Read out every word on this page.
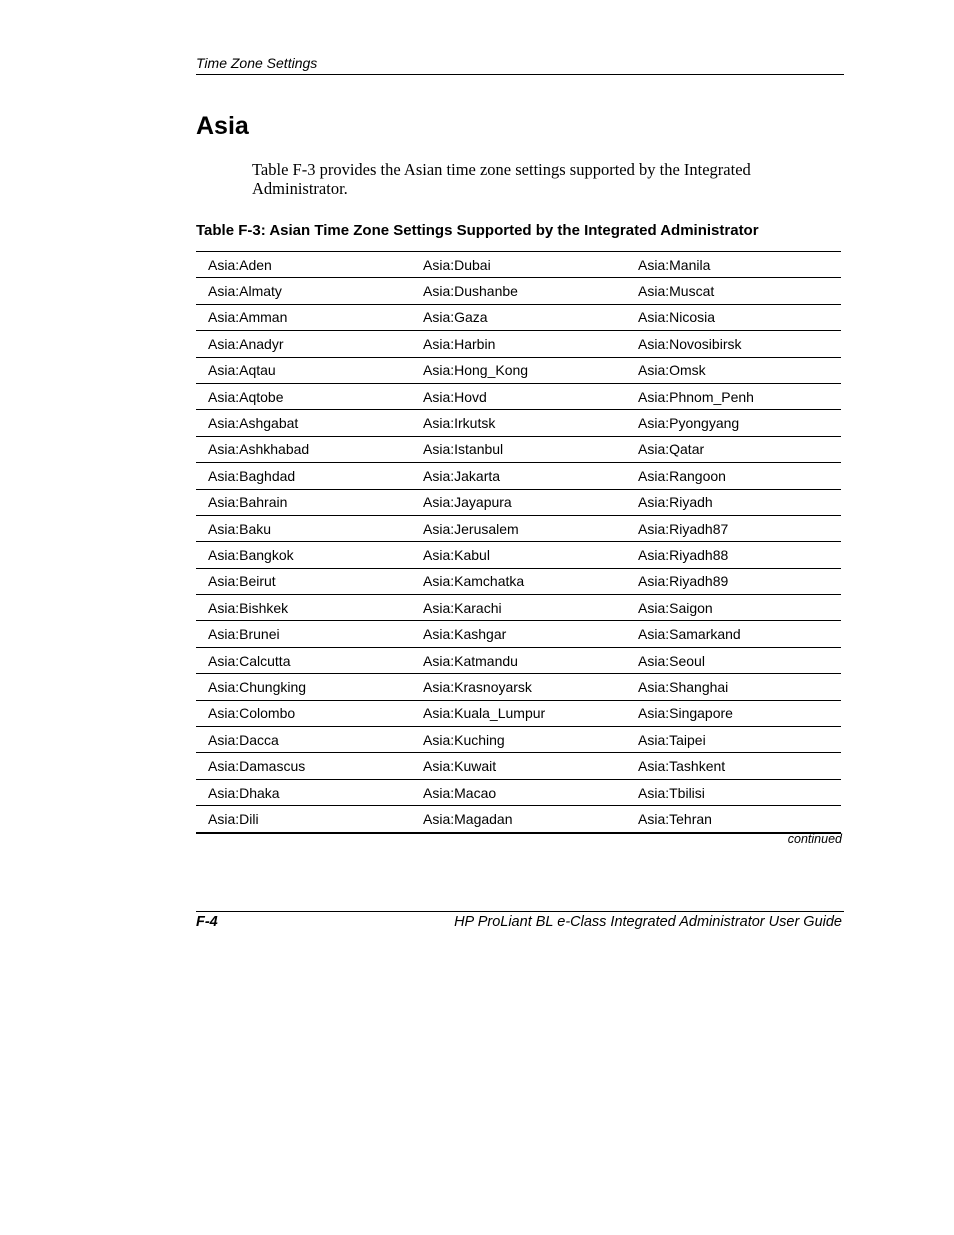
Time Zone Settings
Asia

Table F-3 provides the Asian time zone settings supported by the Integrated Administrator.

Table F-3: Asian Time Zone Settings Supported by the Integrated Administrator
Asia:Aden	Asia:Dubai	Asia:Manila
Asia:Almaty	Asia:Dushanbe	Asia:Muscat
Asia:Amman	Asia:Gaza	Asia:Nicosia
Asia:Anadyr	Asia:Harbin	Asia:Novosibirsk
Asia:Aqtau	Asia:Hong_Kong	Asia:Omsk
Asia:Aqtobe	Asia:Hovd	Asia:Phnom_Penh
Asia:Ashgabat	Asia:Irkutsk	Asia:Pyongyang
Asia:Ashkhabad	Asia:Istanbul	Asia:Qatar
Asia:Baghdad	Asia:Jakarta	Asia:Rangoon
Asia:Bahrain	Asia:Jayapura	Asia:Riyadh
Asia:Baku	Asia:Jerusalem	Asia:Riyadh87
Asia:Bangkok	Asia:Kabul	Asia:Riyadh88
Asia:Beirut	Asia:Kamchatka	Asia:Riyadh89
Asia:Bishkek	Asia:Karachi	Asia:Saigon
Asia:Brunei	Asia:Kashgar	Asia:Samarkand
Asia:Calcutta	Asia:Katmandu	Asia:Seoul
Asia:Chungking	Asia:Krasnoyarsk	Asia:Shanghai
Asia:Colombo	Asia:Kuala_Lumpur	Asia:Singapore
Asia:Dacca	Asia:Kuching	Asia:Taipei
Asia:Damascus	Asia:Kuwait	Asia:Tashkent
Asia:Dhaka	Asia:Macao	Asia:Tbilisi
Asia:Dili	Asia:Magadan	Asia:Tehran
continued
F-4	HP ProLiant BL e-Class Integrated Administrator User Guide
